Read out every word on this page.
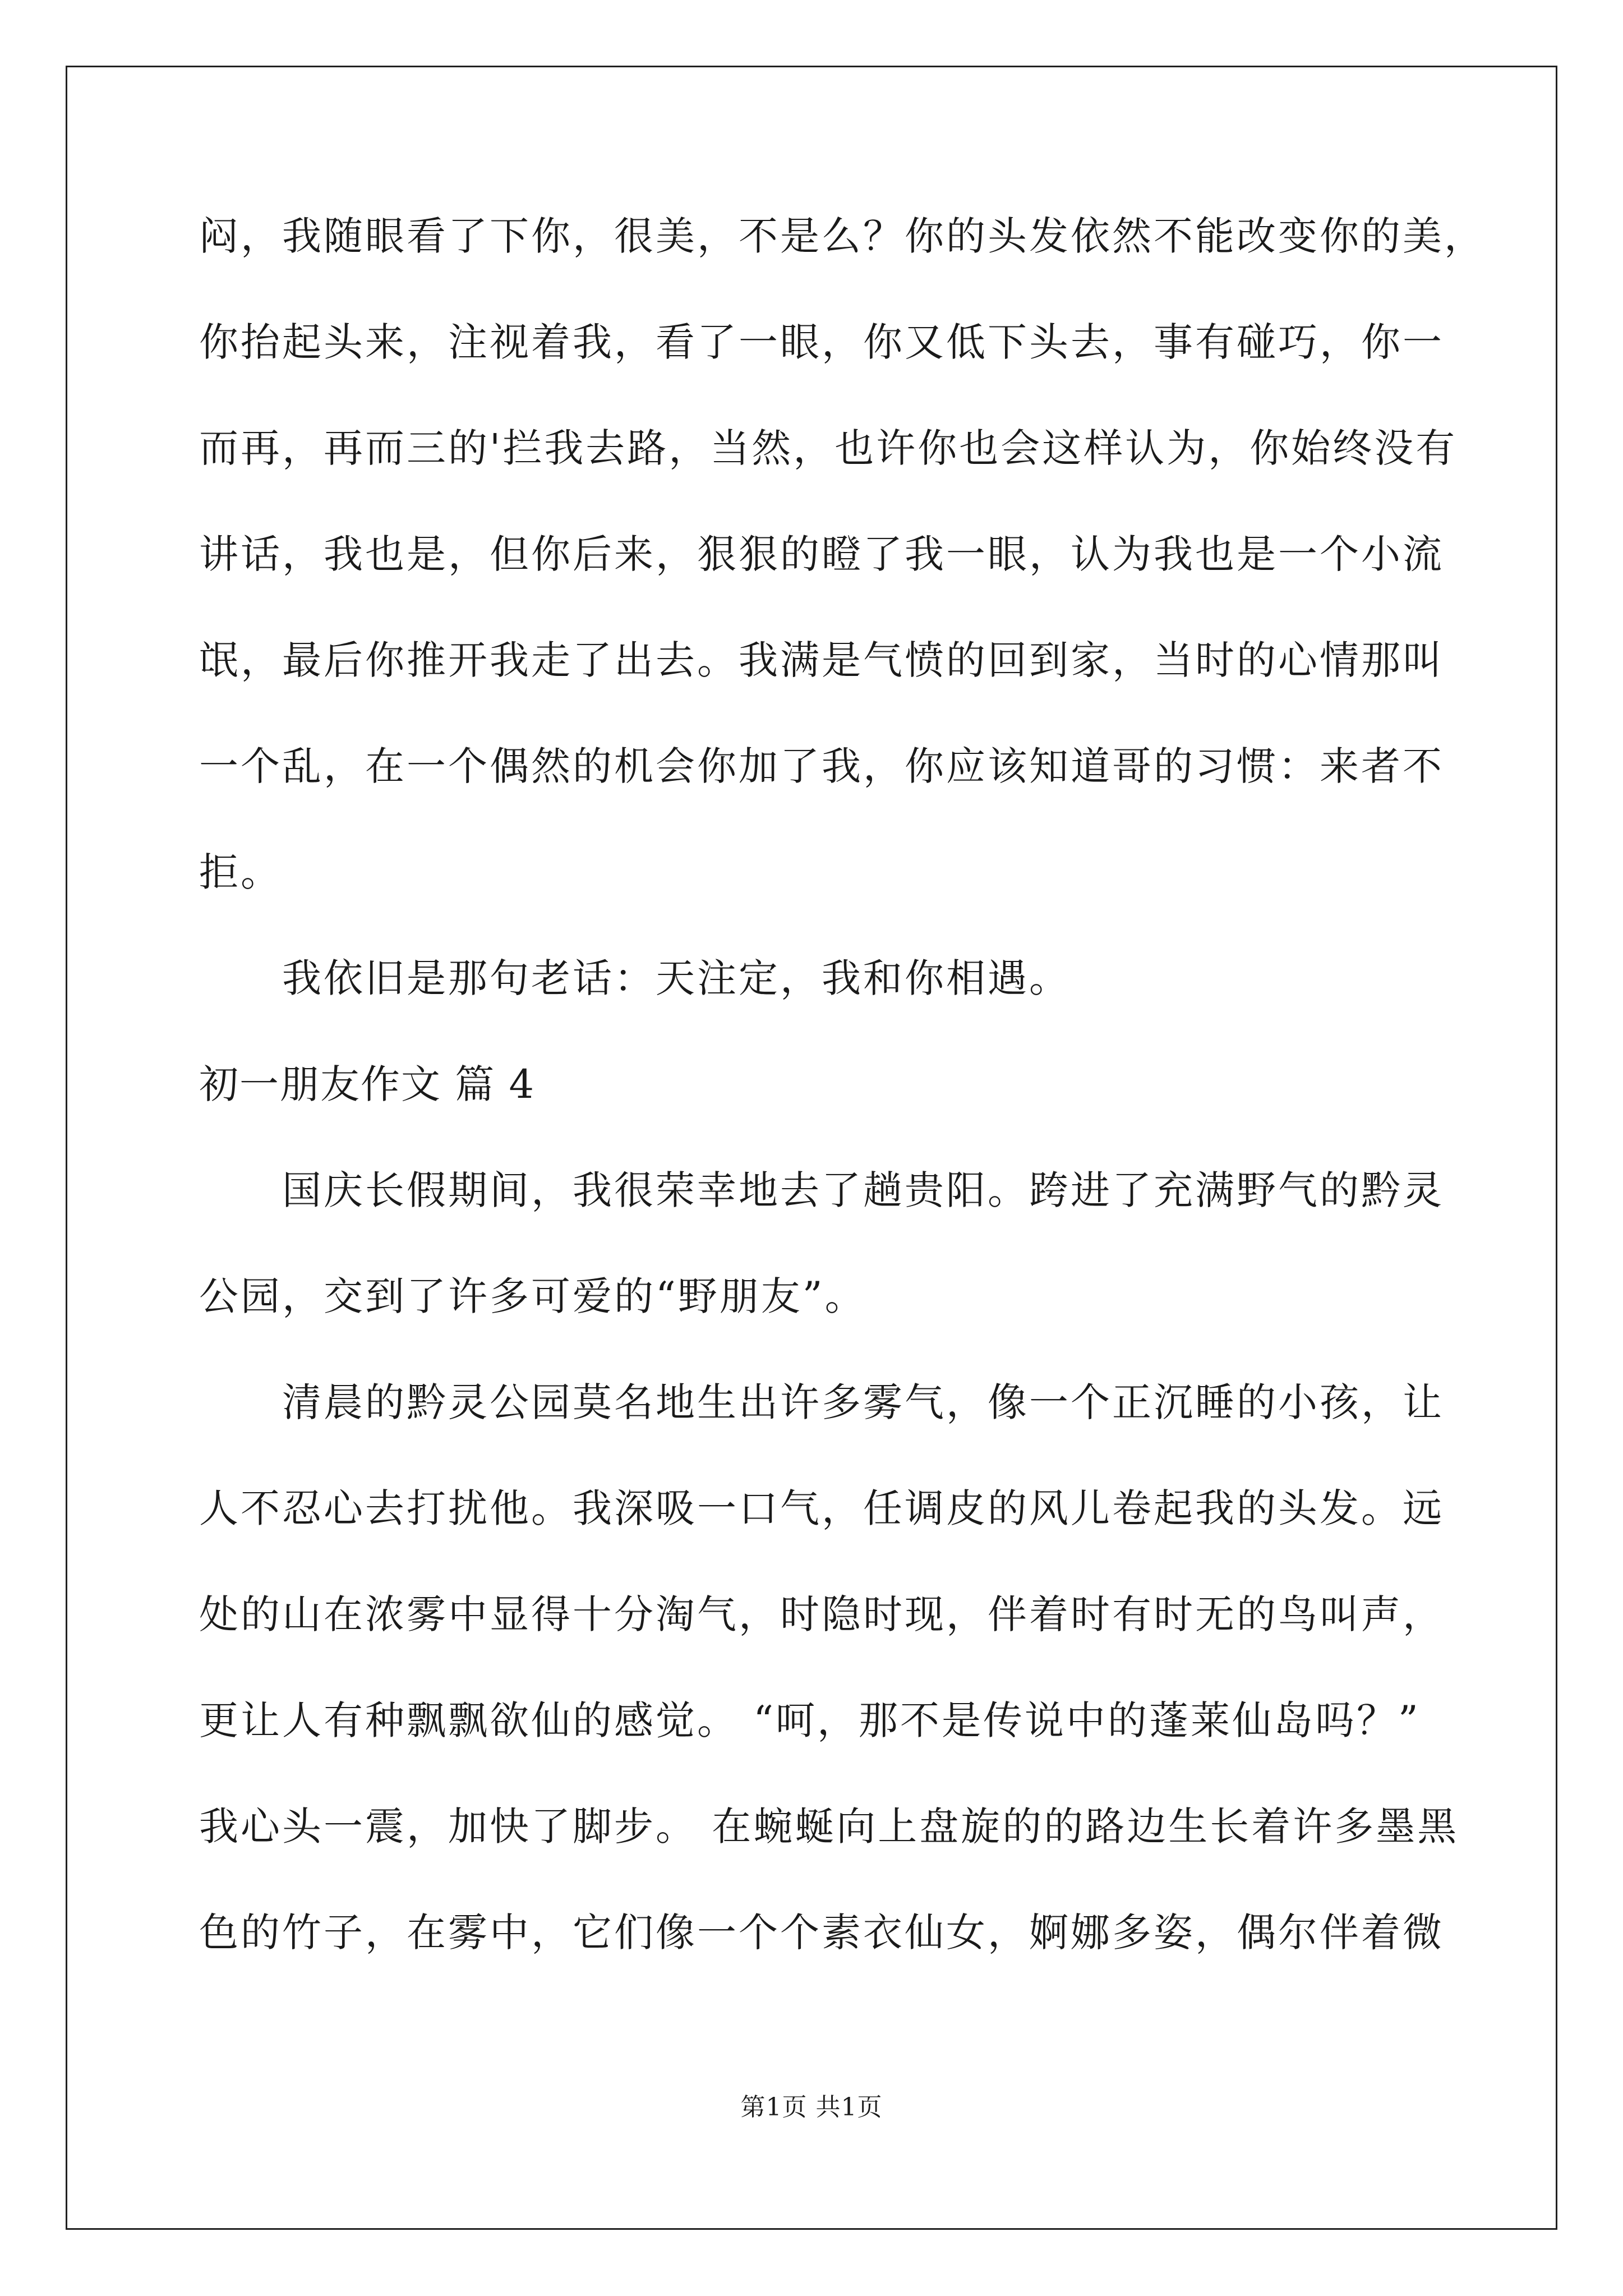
闷，我随眼看了下你，很美，不是么？你的头发依然不能改变你的美，
你抬起头来，注视着我，看了一眼，你又低下头去，事有碰巧，你一
而再，再而三的'拦我去路，当然，也许你也会这样认为，你始终没有
讲话，我也是，但你后来，狠狠的瞪了我一眼，认为我也是一个小流
氓，最后你推开我走了出去。我满是气愤的回到家，当时的心情那叫
一个乱，在一个偶然的机会你加了我，你应该知道哥的习惯：来者不
拒。
我依旧是那句老话：天注定，我和你相遇。
初一朋友作文 篇 4
国庆长假期间，我很荣幸地去了趟贵阳。跨进了充满野气的黔灵
公园，交到了许多可爱的“野朋友”。
清晨的黔灵公园莫名地生出许多雾气，像一个正沉睡的小孩，让
人不忍心去打扰他。我深吸一口气，任调皮的风儿卷起我的头发。远
处的山在浓雾中显得十分淘气，时隐时现，伴着时有时无的鸟叫声，
更让人有种飘飘欲仙的感觉。 “呵，那不是传说中的蓬莱仙岛吗？”
我心头一震，加快了脚步。 在蜿蜒向上盘旋的的路边生长着许多墨黑
色的竹子，在雾中，它们像一个个素衣仙女，婀娜多姿，偶尔伴着微
第1页 共1页
